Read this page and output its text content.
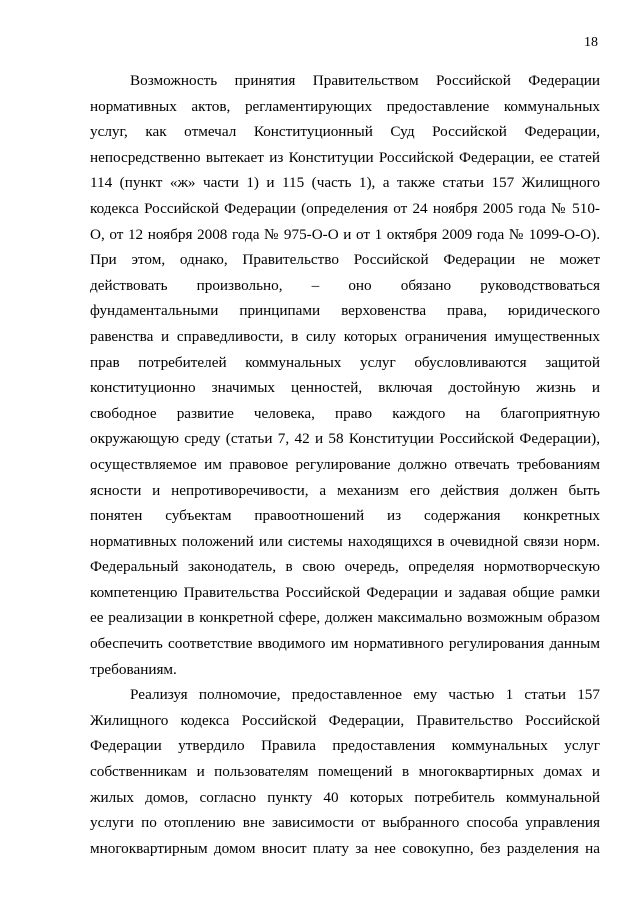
18
Возможность принятия Правительством Российской Федерации
нормативных актов, регламентирующих предоставление коммунальных
услуг, как отмечал Конституционный Суд Российской Федерации,
непосредственно вытекает из Конституции Российской Федерации, ее статей
114 (пункт «ж» части 1) и 115 (часть 1), а также статьи 157 Жилищного
кодекса Российской Федерации (определения от 24 ноября 2005 года № 510-
О, от 12 ноября 2008 года № 975-О-О и от 1 октября 2009 года № 1099-О-О).
При этом, однако, Правительство Российской Федерации не может
действовать произвольно, – оно обязано руководствоваться
фундаментальными принципами верховенства права, юридического
равенства и справедливости, в силу которых ограничения имущественных
прав потребителей коммунальных услуг обусловливаются защитой
конституционно значимых ценностей, включая достойную жизнь и
свободное развитие человека, право каждого на благоприятную
окружающую среду (статьи 7, 42 и 58 Конституции Российской Федерации),
осуществляемое им правовое регулирование должно отвечать требованиям
ясности и непротиворечивости, а механизм его действия должен быть
понятен субъектам правоотношений из содержания конкретных
нормативных положений или системы находящихся в очевидной связи норм.
Федеральный законодатель, в свою очередь, определяя нормотворческую
компетенцию Правительства Российской Федерации и задавая общие рамки
ее реализации в конкретной сфере, должен максимально возможным образом
обеспечить соответствие вводимого им нормативного регулирования данным
требованиям.
Реализуя полномочие, предоставленное ему частью 1 статьи 157
Жилищного кодекса Российской Федерации, Правительство Российской
Федерации утвердило Правила предоставления коммунальных услуг
собственникам и пользователям помещений в многоквартирных домах и
жилых домов, согласно пункту 40 которых потребитель коммунальной
услуги по отоплению вне зависимости от выбранного способа управления
многоквартирным домом вносит плату за нее совокупно, без разделения на
